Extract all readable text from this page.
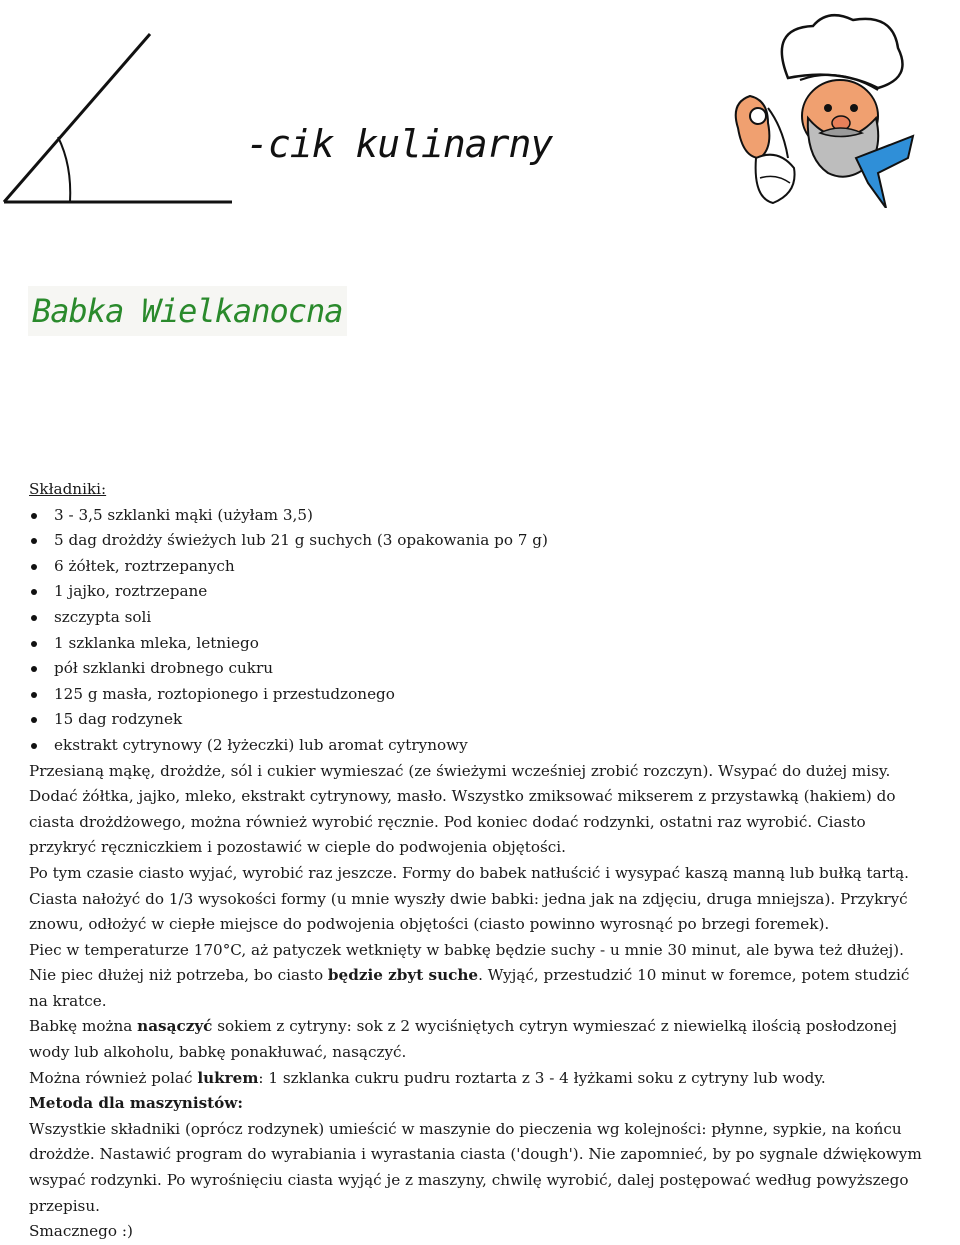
-cik kulinarny
Babka Wielkanocna
Składniki:
3 - 3,5 szklanki mąki (użyłam 3,5)
5 dag drożdży świeżych lub 21 g suchych (3 opakowania po 7 g)
6 żółtek, roztrzepanych
1 jajko, roztrzepane
szczypta soli
1 szklanka mleka, letniego
pół szklanki drobnego cukru
125 g masła, roztopionego i przestudzonego
15 dag rodzynek
ekstrakt cytrynowy (2 łyżeczki) lub aromat cytrynowy

Przesianą mąkę, drożdże, sól i cukier wymieszać (ze świeżymi wcześniej zrobić rozczyn). Wsypać do dużej misy. Dodać żółtka, jajko, mleko, ekstrakt cytrynowy, masło. Wszystko zmiksować mikserem z przystawką (hakiem) do ciasta drożdżowego, można również wyrobić ręcznie. Pod koniec dodać rodzynki, ostatni raz wyrobić. Ciasto przykryć ręczniczkiem i pozostawić w cieple do podwojenia objętości.

Po tym czasie ciasto wyjać, wyrobić raz jeszcze. Formy do babek natłuścić i wysypać kaszą manną lub bułką tartą.

Ciasta nałożyć do 1/3 wysokości formy (u mnie wyszły dwie babki: jedna jak na zdjęciu, druga mniejsza). Przykryć znowu, odłożyć w ciepłe miejsce do podwojenia objętości (ciasto powinno wyrosnąć po brzegi foremek).

Piec w temperaturze 170°C, aż patyczek wetknięty w babkę będzie suchy - u mnie 30 minut, ale bywa też dłużej). Nie piec dłużej niż potrzeba, bo ciasto będzie zbyt suche. Wyjąć, przestudzić 10 minut w foremce, potem studzić na kratce.

Babkę można nasączyć sokiem z cytryny: sok z 2 wyciśniętych cytryn wymieszać z niewielką ilością posłodzonej wody lub alkoholu, babkę ponakłuwać, nasączyć.

Można również polać lukrem: 1 szklanka cukru pudru roztarta z 3 - 4 łyżkami soku z cytryny lub wody.

Metoda dla maszynistów:

Wszystkie składniki (oprócz rodzynek) umieścić w maszynie do pieczenia wg kolejności: płynne, sypkie, na końcu drożdże. Nastawić program do wyrabiania i wyrastania ciasta ('dough'). Nie zapomnieć, by po sygnale dźwiękowym wsypać rodzynki. Po wyrośnięciu ciasta wyjąć je z maszyny, chwilę wyrobić, dalej postępować według powyższego przepisu.

Smacznego :)
